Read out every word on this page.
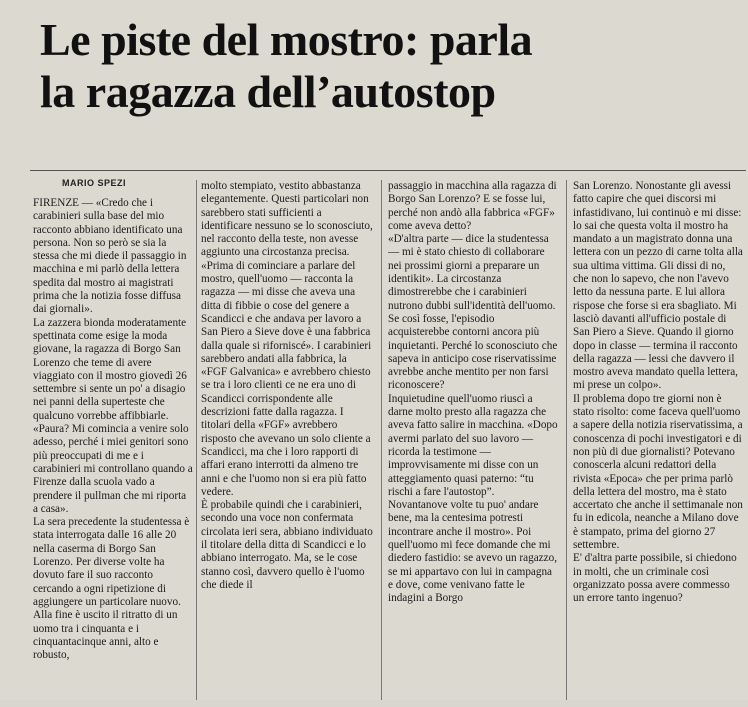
Le piste del mostro: parla
la ragazza dell’autostop
MARIO SPEZI

FIRENZE — «Credo che i carabinieri sulla base del mio racconto abbiano identificato una persona. Non so però se sia la stessa che mi diede il passaggio in macchina e mi parlò della lettera spedita dal mostro ai magistrati prima che la notizia fosse diffusa dai giornali».
La zazzera bionda moderatamente spettinata come esige la moda giovane, la ragazza di Borgo San Lorenzo che teme di avere viaggiato con il mostro giovedì 26 settembre si sente un po' a disagio nei panni della superteste che qualcuno vorrebbe affibbiarle.
«Paura? Mi comincia a venire solo adesso, perché i miei genitori sono più preoccupati di me e i carabinieri mi controllano quando a Firenze dalla scuola vado a prendere il pullman che mi riporta a casa».
La sera precedente la studentessa è stata interrogata dalle 16 alle 20 nella caserma di Borgo San Lorenzo. Per diverse volte ha dovuto fare il suo racconto cercando a ogni ripetizione di aggiungere un particolare nuovo. Alla fine è uscito il ritratto di un uomo tra i cinquanta e i cinquantacinque anni, alto e robusto,

molto stempiato, vestito abbastanza elegantemente. Questi particolari non sarebbero stati sufficienti a identificare nessuno se lo sconosciuto, nel racconto della teste, non avesse aggiunto una circostanza precisa.
«Prima di cominciare a parlare del mostro, quell'uomo — racconta la ragazza — mi disse che aveva una ditta di fibbie o cose del genere a Scandicci e che andava per lavoro a San Piero a Sieve dove è una fabbrica dalla quale si riforniscé». I carabinieri sarebbero andati alla fabbrica, la «FGF Galvanica» e avrebbero chiesto se tra i loro clienti ce ne era uno di Scandicci corrispondente alle descrizioni fatte dalla ragazza. I titolari della «FGF» avrebbero risposto che avevano un solo cliente a Scandicci, ma che i loro rapporti di affari erano interrotti da almeno tre anni e che l'uomo non si era più fatto vedere.
È probabile quindi che i carabinieri, secondo una voce non confermata circolata ieri sera, abbiano individuato il titolare della ditta di Scandicci e lo abbiano interrogato. Ma, se le cose stanno così, davvero quello è l'uomo che diede il

passaggio in macchina alla ragazza di Borgo San Lorenzo? E se fosse lui, perché non andò alla fabbrica «FGF» come aveva detto?
«D'altra parte — dice la studentessa — mi è stato chiesto di collaborare nei prossimi giorni a preparare un identikit». La circostanza dimostrerebbe che i carabinieri nutrono dubbi sull'identità dell'uomo.
Se così fosse, l'episodio acquisterebbe contorni ancora più inquietanti. Perché lo sconosciuto che sapeva in anticipo cose riservatissime avrebbe anche mentito per non farsi riconoscere?
Inquietudine quell'uomo riuscì a darne molto presto alla ragazza che aveva fatto salire in macchina. «Dopo avermi parlato del suo lavoro — ricorda la testimone — improvvisamente mi disse con un atteggiamento quasi paterno: “tu rischi a fare l'autostop”.
Novantanove volte tu puo' andare bene, ma la centesima potresti incontrare anche il mostro». Poi quell'uomo mi fece domande che mi diedero fastidio: se avevo un ragazzo, se mi appartavo con lui in campagna e dove, come venivano fatte le indagini a Borgo

San Lorenzo. Nonostante gli avessi fatto capire che quei discorsi mi infastidivano, lui continuò e mi disse: lo sai che questa volta il mostro ha mandato a un magistrato donna una lettera con un pezzo di carne tolta alla sua ultima vittima. Gli dissi di no, che non lo sapevo, che non l'avevo letto da nessuna parte. E lui allora rispose che forse si era sbagliato. Mi lasciò davanti all'ufficio postale di San Piero a Sieve. Quando il giorno dopo in classe — termina il racconto della ragazza — lessi che davvero il mostro aveva mandato quella lettera, mi prese un colpo».
Il problema dopo tre giorni non è stato risolto: come faceva quell'uomo a sapere della notizia riservatissima, a conoscenza di pochi investigatori e di non più di due giornalisti? Potevano conoscerla alcuni redattori della rivista «Epoca» che per prima parlò della lettera del mostro, ma è stato accertato che anche il settimanale non fu in edicola, neanche a Milano dove è stampato, prima del giorno 27 settembre.
E' d'altra parte possibile, si chiedono in molti, che un criminale così organizzato possa avere commesso un errore tanto ingenuo?
